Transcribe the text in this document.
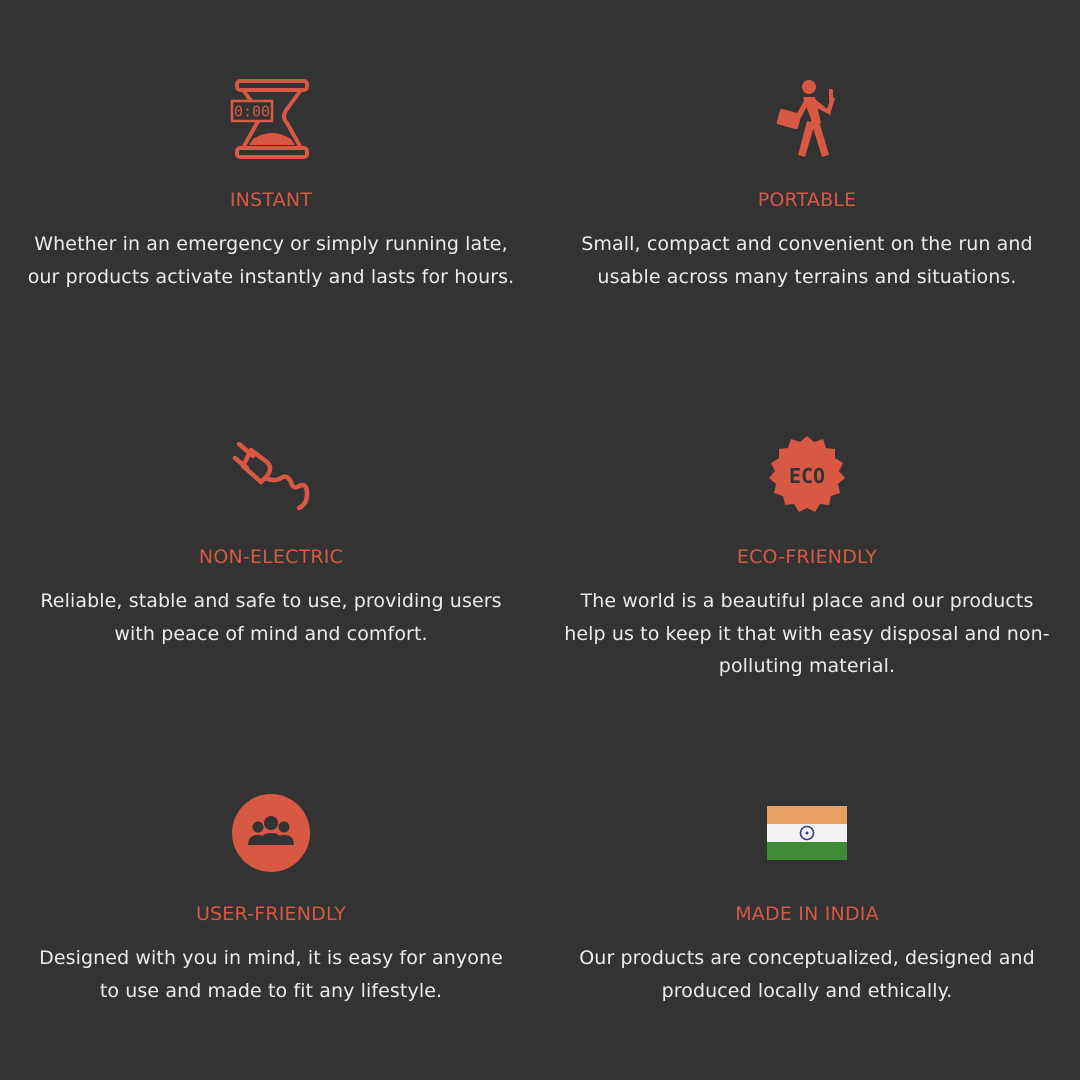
0:00
INSTANT
Whether in an emergency or simply running late, our products activate instantly and lasts for hours.
PORTABLE
Small, compact and convenient on the run and usable across many terrains and situations.
NON-ELECTRIC
Reliable, stable and safe to use, providing users with peace of mind and comfort.
ECO
ECO-FRIENDLY
The world is a beautiful place and our products help us to keep it that with easy disposal and non-polluting material.
USER-FRIENDLY
Designed with you in mind, it is easy for anyone to use and made to fit any lifestyle.
MADE IN INDIA
Our products are conceptualized, designed and produced locally and ethically.
